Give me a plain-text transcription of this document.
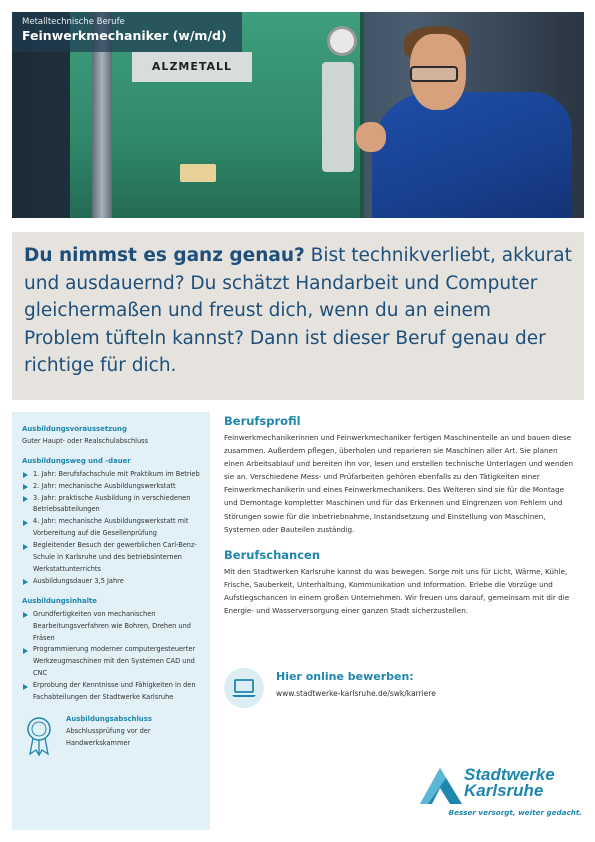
ALZMETALL
Metalltechnische Berufe
Feinwerkmechaniker (w/m/d)
Du nimmst es ganz genau? Bist technikverliebt, akkurat und ausdauernd? Du schätzt Handarbeit und Computer gleichermaßen und freust dich, wenn du an einem Problem tüfteln kannst? Dann ist dieser Beruf genau der richtige für dich.

Ausbildungsvoraussetzung

Guter Haupt- oder Realschulabschluss

Ausbildungsweg und -dauer

1. Jahr: Berufsfachschule mit Praktikum im Betrieb
2. Jahr: mechanische Ausbildungswerkstatt
3. Jahr: praktische Ausbildung in verschiedenen Betriebsabteilungen
4. Jahr: mechanische Ausbildungswerkstatt mit Vorbereitung auf die Gesellenprüfung
Begleitender Besuch der gewerblichen Carl-Benz-Schule in Karlsruhe und des betriebsinternen Werkstattunterrichts
Ausbildungsdauer 3,5 Jahre

Ausbildungsinhalte

Grundfertigkeiten von mechanischen Bearbeitungsverfahren wie Bohren, Drehen und Fräsen
Programmierung moderner computergesteuerter Werkzeugmaschinen mit den Systemen CAD und CNC
Erprobung der Kenntnisse und Fähigkeiten in den Fachabteilungen der Stadtwerke Karlsruhe

Ausbildungsabschluss

Abschlussprüfung vor der Handwerkskammer

Berufsprofil

Feinwerkmechanikerinnen und Feinwerkmechaniker fertigen Maschinenteile an und bauen diese zusammen. Außerdem pflegen, überholen und reparieren sie Maschinen aller Art. Sie planen einen Arbeitsablauf und bereiten ihn vor, lesen und erstellen technische Unterlagen und wenden sie an. Verschiedene Mess- und Prüfarbeiten gehören ebenfalls zu den Tätigkeiten einer Feinwerkmechanikerin und eines Feinwerkmechanikers. Des Weiteren sind sie für die Montage und Demontage kompletter Maschinen und für das Erkennen und Eingrenzen von Fehlern und Störungen sowie für die Inbetriebnahme, Instandsetzung und Einstellung von Maschinen, Systemen oder Bauteilen zuständig.

Berufschancen

Mit den Stadtwerken Karlsruhe kannst du was bewegen. Sorge mit uns für Licht, Wärme, Kühle, Frische, Sauberkeit, Unterhaltung, Kommunikation und Information. Erlebe die Vorzüge und Aufstiegschancen in einem großen Unternehmen. Wir freuen uns darauf, gemeinsam mit dir die Energie- und Wasserversorgung einer ganzen Stadt sicherzustellen.

Hier online bewerben:
www.stadtwerke-karlsruhe.de/swk/karriere
Stadtwerke
Karlsruhe
Besser versorgt, weiter gedacht.
